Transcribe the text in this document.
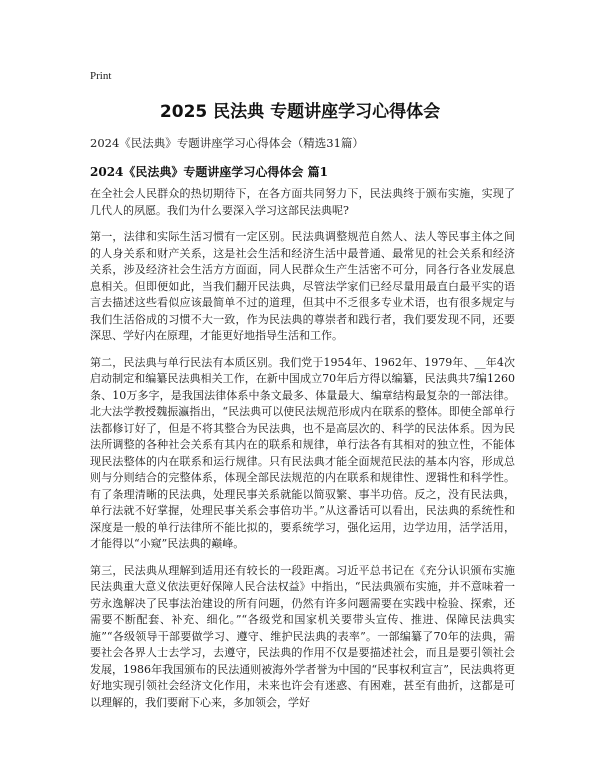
Print
2025 民法典 专题讲座学习心得体会
2024《民法典》专题讲座学习心得体会（精选31篇）
2024《民法典》专题讲座学习心得体会 篇1

在全社会人民群众的热切期待下，在各方面共同努力下，民法典终于颁布实施，实现了几代人的夙愿。我们为什么要深入学习这部民法典呢?

第一，法律和实际生活习惯有一定区别。民法典调整规范自然人、法人等民事主体之间的人身关系和财产关系，这是社会生活和经济生活中最普通、最常见的社会关系和经济关系，涉及经济社会生活方方面面，同人民群众生产生活密不可分，同各行各业发展息息相关。但即便如此，当我们翻开民法典，尽管法学家们已经尽量用最直白最平实的语言去描述这些看似应该最简单不过的道理，但其中不乏很多专业术语，也有很多规定与我们生活俗成的习惯不大一致，作为民法典的尊崇者和践行者，我们要发现不同，还要深思、学好内在原理，才能更好地指导生活和工作。

第二，民法典与单行民法有本质区别。我们党于1954年、1962年、1979年、__年4次启动制定和编纂民法典相关工作，在新中国成立70年后方得以编纂，民法典共7编1260条、10万多字，是我国法律体系中条文最多、体量最大、编章结构最复杂的一部法律。北大法学教授魏振瀛指出，“民法典可以使民法规范形成内在联系的整体。即使全部单行法都修订好了，但是不将其整合为民法典，也不是高层次的、科学的民法体系。因为民法所调整的各种社会关系有其内在的联系和规律，单行法各有其相对的独立性，不能体现民法整体的内在联系和运行规律。只有民法典才能全面规范民法的基本内容，形成总则与分则结合的完整体系，体现全部民法规范的内在联系和规律性、逻辑性和科学性。有了条理清晰的民法典，处理民事关系就能以简驭繁、事半功倍。反之，没有民法典，单行法就不好掌握，处理民事关系会事倍功半。”从这番话可以看出，民法典的系统性和深度是一般的单行法律所不能比拟的，要系统学习，强化运用，边学边用，活学活用，才能得以“小窥”民法典的巅峰。

第三，民法典从理解到适用还有较长的一段距离。习近平总书记在《充分认识颁布实施民法典重大意义依法更好保障人民合法权益》中指出，“民法典颁布实施，并不意味着一劳永逸解决了民事法治建设的所有问题，仍然有许多问题需要在实践中检验、探索，还需要不断配套、补充、细化。”“各级党和国家机关要带头宣传、推进、保障民法典实施”“各级领导干部要做学习、遵守、维护民法典的表率”。一部编纂了70年的法典，需要社会各界人士去学习，去遵守，民法典的作用不仅是要描述社会，而且是要引领社会发展，1986年我国颁布的民法通则被海外学者誉为中国的“民事权利宣言”，民法典将更好地实现引领社会经济文化作用，未来也许会有迷惑、有困难，甚至有曲折，这都是可以理解的，我们要耐下心来，多加领会，学好
